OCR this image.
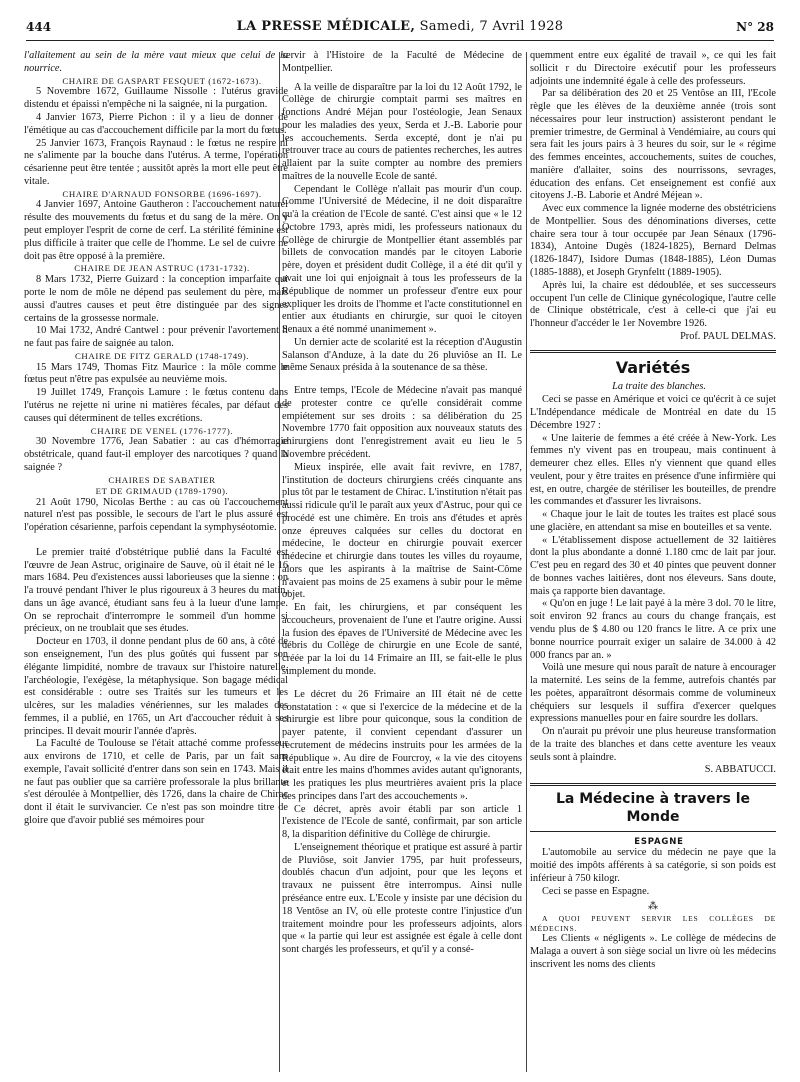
444	LA PRESSE MÉDICALE, Samedi, 7 Avril 1928	N° 28

l'allaitement au sein de la mère vaut mieux que celui de la nourrice.

CHAIRE DE GASPART FESQUET (1672-1673).

5 Novembre 1672, Guillaume Nissolle : l'utérus gravide distendu et épaissi n'empêche ni la saignée, ni la purgation.

4 Janvier 1673, Pierre Pichon : il y a lieu de donner de l'émétique au cas d'accouchement difficile par la mort du fœtus.

25 Janvier 1673, François Raynaud : le fœtus ne respire ni ne s'alimente par la bouche dans l'utérus. A terme, l'opération césarienne peut être tentée ; aussitôt après la mort elle peut être vitale.

CHAIRE D'ARNAUD FONSORBE (1696-1697).

4 Janvier 1697, Antoine Gautheron : l'accouchement naturel résulte des mouvements du fœtus et du sang de la mère. On y peut employer l'esprit de corne de cerf. La stérilité féminine est plus difficile à traiter que celle de l'homme. Le sel de cuivre ne doit pas être opposé à la première.

CHAIRE DE JEAN ASTRUC (1731-1732).

8 Mars 1732, Pierre Guizard : la conception imparfaite qui porte le nom de môle ne dépend pas seulement du père, mais aussi d'autres causes et peut être distinguée par des signes certains de la grossesse normale.

10 Mai 1732, André Cantwel : pour prévenir l'avortement il ne faut pas faire de saignée au talon.

CHAIRE DE FITZ GERALD (1748-1749).

15 Mars 1749, Thomas Fitz Maurice : la môle comme le fœtus peut n'être pas expulsée au neuvième mois.

19 Juillet 1749, François Lamure : le fœtus contenu dans l'utérus ne rejette ni urine ni matières fécales, par défaut des causes qui déterminent de telles excrétions.

CHAIRE DE VENEL (1776-1777).

30 Novembre 1776, Jean Sabatier : au cas d'hémorragie obstétricale, quand faut-il employer des narcotiques ? quand la saignée ?

CHAIRES DE SABATIER

ET DE GRIMAUD (1789-1790).

21 Août 1790, Nicolas Berthe : au cas où l'accouchement naturel n'est pas possible, le secours de l'art le plus assuré est l'opération césarienne, parfois cependant la symphyséotomie.

Le premier traité d'obstétrique publié dans la Faculté est l'œuvre de Jean Astruc, originaire de Sauve, où il était né le 16 mars 1684. Peu d'existences aussi laborieuses que la sienne : on l'a trouvé pendant l'hiver le plus rigoureux à 3 heures du matin, dans un âge avancé, étudiant sans feu à la lueur d'une lampe. On se reprochait d'interrompre le sommeil d'un homme si précieux, on ne troublait que ses études.

Docteur en 1703, il donne pendant plus de 60 ans, à côté de son enseignement, l'un des plus goûtés qui fussent par son élégante limpidité, nombre de travaux sur l'histoire naturelle, l'archéologie, l'exégèse, la métaphysique. Son bagage médical est considérable : outre ses Traités sur les tumeurs et les ulcères, sur les maladies vénériennes, sur les malades des femmes, il a publié, en 1765, un Art d'accoucher réduit à ses principes. Il devait mourir l'année d'après.

La Faculté de Toulouse se l'était attaché comme professeur aux environs de 1710, et celle de Paris, par un fait sans exemple, l'avait sollicité d'entrer dans son sein en 1743. Mais il ne faut pas oublier que sa carrière professorale la plus brillante s'est déroulée à Montpellier, dès 1726, dans la chaire de Chirac dont il était le survivancier. Ce n'est pas son moindre titre de gloire que d'avoir publié ses mémoires pour

servir à l'Histoire de la Faculté de Médecine de Montpellier.

A la veille de disparaître par la loi du 12 Août 1792, le Collège de chirurgie comptait parmi ses maîtres en fonctions André Méjan pour l'ostéologie, Jean Senaux pour les maladies des yeux, Serda et J.-B. Laborie pour les accouchements. Serda excepté, dont je n'ai pu retrouver trace au cours de patientes recherches, les autres allaient par la suite compter au nombre des premiers maîtres de la nouvelle Ecole de santé.

Cependant le Collège n'allait pas mourir d'un coup. Comme l'Université de Médecine, il ne doit disparaître qu'à la création de l'Ecole de santé. C'est ainsi que « le 12 Octobre 1793, après midi, les professeurs nationaux du Collège de chirurgie de Montpellier étant assemblés par billets de convocation mandés par le citoyen Laborie père, doyen et président dudit Collège, il a été dit qu'il y avait une loi qui enjoignait à tous les professeurs de la République de nommer un professeur d'entre eux pour expliquer les droits de l'homme et l'acte constitutionnel en entier aux étudiants en chirurgie, sur quoi le citoyen Senaux a été nommé unanimement ».

Un dernier acte de scolarité est la réception d'Augustin Salanson d'Anduze, à la date du 26 pluviôse an II. Le même Senaux présida à la soutenance de sa thèse.

Entre temps, l'Ecole de Médecine n'avait pas manqué de protester contre ce qu'elle considérait comme empiétement sur ses droits : sa délibération du 25 Novembre 1770 fait opposition aux nouveaux statuts des chirurgiens dont l'enregistrement avait eu lieu le 5 Novembre précédent.

Mieux inspirée, elle avait fait revivre, en 1787, l'institution de docteurs chirurgiens créés cinquante ans plus tôt par le testament de Chirac. L'institution n'était pas aussi ridicule qu'il le paraît aux yeux d'Astruc, pour qui ce procédé est une chimère. En trois ans d'études et après onze épreuves calquées sur celles du doctorat en médecine, le docteur en chirurgie pouvait exercer médecine et chirurgie dans toutes les villes du royaume, alors que les aspirants à la maîtrise de Saint-Côme n'avaient pas moins de 25 examens à subir pour le même objet.

En fait, les chirurgiens, et par conséquent les accoucheurs, provenaient de l'une et l'autre origine. Aussi la fusion des épaves de l'Université de Médecine avec les débris du Collège de chirurgie en une Ecole de santé, créée par la loi du 14 Frimaire an III, se fait-elle le plus simplement du monde.

Le décret du 26 Frimaire an III était né de cette constatation : « que si l'exercice de la médecine et de la chirurgie est libre pour quiconque, sous la condition de payer patente, il convient cependant d'assurer un recrutement de médecins instruits pour les armées de la République ». Au dire de Fourcroy, « la vie des citoyens était entre les mains d'hommes avides autant qu'ignorants, et les pratiques les plus meurtrières avaient pris la place des principes dans l'art des accouchements ».

Ce décret, après avoir établi par son article 1 l'existence de l'Ecole de santé, confirmait, par son article 8, la disparition définitive du Collège de chirurgie.

L'enseignement théorique et pratique est assuré à partir de Pluviôse, soit Janvier 1795, par huit professeurs, doublés chacun d'un adjoint, pour que les leçons et travaux ne puissent être interrompus. Ainsi nulle préséance entre eux. L'Ecole y insiste par une décision du 18 Ventôse an IV, où elle proteste contre l'injustice d'un traitement moindre pour les professeurs adjoints, alors que « la partie qui leur est assignée est égale à celle dont sont chargés les professeurs, et qu'il y a consé-

quemment entre eux égalité de travail », ce qui les fait sollicit r du Directoire exécutif pour les professeurs adjoints une indemnité égale à celle des professeurs.

Par sa délibération des 20 et 25 Ventôse an III, l'Ecole règle que les élèves de la deuxième année (trois sont nécessaires pour leur instruction) assisteront pendant le premier trimestre, de Germinal à Vendémiaire, au cours qui sera fait les jours pairs à 3 heures du soir, sur le « régime des femmes enceintes, accouchements, suites de couches, manière d'allaiter, soins des nourrissons, sevrages, éducation des enfans. Cet enseignement est confié aux citoyens J.-B. Laborie et André Méjean ».

Avec eux commence la lignée moderne des obstétriciens de Montpellier. Sous des dénominations diverses, cette chaire sera tour à tour occupée par Jean Sénaux (1796-1834), Antoine Dugès (1824-1825), Bernard Delmas (1826-1847), Isidore Dumas (1848-1885), Léon Dumas (1885-1888), et Joseph Grynfeltt (1889-1905).

Après lui, la chaire est dédoublée, et ses successeurs occupent l'un celle de Clinique gynécologique, l'autre celle de Clinique obstétricale, c'est à celle-ci que j'ai eu l'honneur d'accéder le 1er Novembre 1926.

Prof. PAUL DELMAS.

Variétés

La traite des blanches.

Ceci se passe en Amérique et voici ce qu'écrit à ce sujet L'Indépendance médicale de Montréal en date du 15 Décembre 1927 :

« Une laiterie de femmes a été créée à New-York. Les femmes n'y vivent pas en troupeau, mais continuent à demeurer chez elles. Elles n'y viennent que quand elles veulent, pour y être traites en présence d'une infirmière qui est, en outre, chargée de stériliser les bouteilles, de prendre les commandes et d'assurer les livraisons.

« Chaque jour le lait de toutes les traites est placé sous une glacière, en attendant sa mise en bouteilles et sa vente.

« L'établissement dispose actuellement de 32 laitières dont la plus abondante a donné 1.180 cmc de lait par jour. C'est peu en regard des 30 et 40 pintes que peuvent donner de bonnes vaches laitières, dont nos éleveurs. Sans doute, mais ça rapporte bien davantage.

« Qu'on en juge ! Le lait payé à la mère 3 dol. 70 le litre, soit environ 92 francs au cours du change français, est vendu plus de $ 4.80 ou 120 francs le litre. A ce prix une bonne nourrice pourrait exiger un salaire de 34.000 à 42 000 francs par an. »

Voilà une mesure qui nous paraît de nature à encourager la maternité. Les seins de la femme, autrefois chantés par les poètes, apparaîtront désormais comme de volumineux chéquiers sur lesquels il suffira d'exercer quelques expressions manuelles pour en faire sourdre les dollars.

On n'aurait pu prévoir une plus heureuse transformation de la traite des blanches et dans cette aventure les veaux seuls sont à plaindre.

S. ABBATUCCI.

La Médecine à travers le Monde

ESPAGNE

L'automobile au service du médecin ne paye que la moitié des impôts afférents à sa catégorie, si son poids est inférieur à 750 kilogr.

Ceci se passe en Espagne.

⁂

A QUOI PEUVENT SERVIR LES COLLÈGES DE MÉDECINS.

Les Clients « négligents ». Le collège de médecins de Malaga a ouvert à son siège social un livre où les médecins inscrivent les noms des clients
